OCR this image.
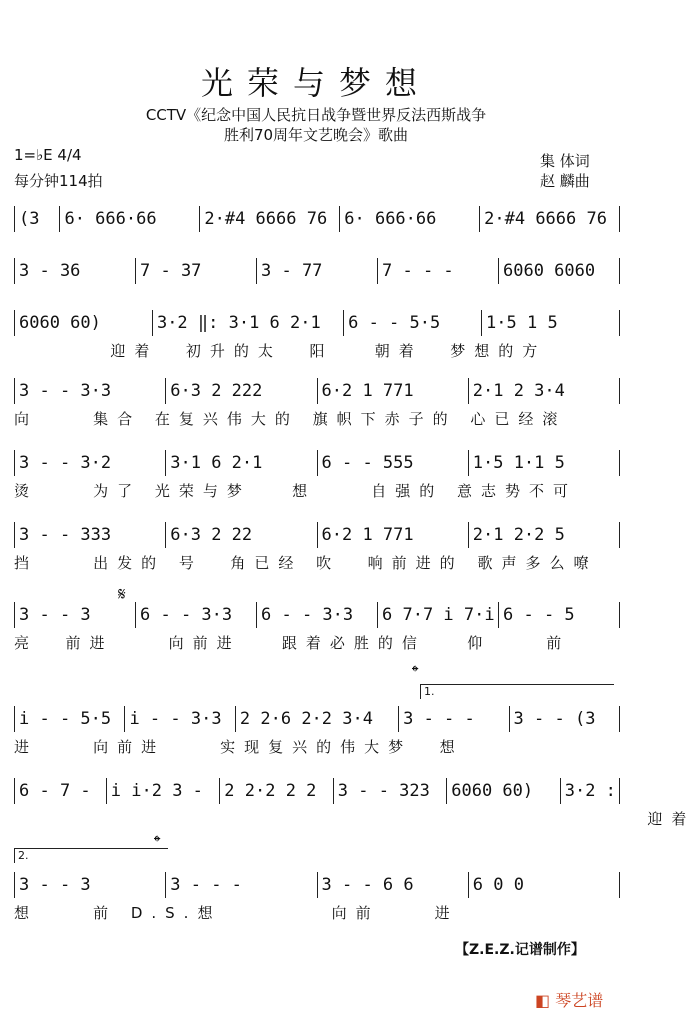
光荣与梦想
CCTV《纪念中国人民抗日战争暨世界反法西斯战争
胜利70周年文艺晚会》歌曲
1=♭E 4/4
每分钟114拍
集 体词
赵 麟曲
(3	6· 666·66	2·#4 6666 76	6· 666·66	2·#4 6666 76
3 - 36	7 - 37	3 - 77	7 - - -	6060 6060
6060 60)	3·2 ‖: 3·1 6 2·1	6 - - 5·5	1·5 1 5
迎着  初升的太  阳   朝着  梦想的方
3 - - 3·3	6·3 2 222	6·2 1 771	2·1 2 3·4
向    集合 在复兴伟大的 旗帜下赤子的 心已经滚
3 - - 3·2	3·1 6 2·1	6 - - 555	1·5 1·1 5
烫    为了 光荣与梦   想    自强的 意志势不可
3 - - 333	6·3 2 22	6·2 1 771	2·1 2·2 5
挡    出发的 号  角已经 吹  响前进的 歌声多么嘹
𝄋
3 - - 3	6 - - 3·3	6 - - 3·3	6 7·7 i 7·i 6 - - 5
亮  前进    向前进   跟着必胜的信   仰    前
𝄌
1.
i - - 5·5	i - - 3·3	2 2·6 2·2 3·4	3 - - -	3 - - (3
进    向前进    实现复兴的伟大梦  想
6 - 7 -	i i·2 3 -	2 2·2 2 2	3 - - 323	6060 60)	3·2 :
迎着
2.
𝄌
3 - - 3	3 - - -	3 - - 6 6	6 0 0
想    前 D.S.想        向前    进
【Z.E.Z.记谱制作】
◧ 琴艺谱
